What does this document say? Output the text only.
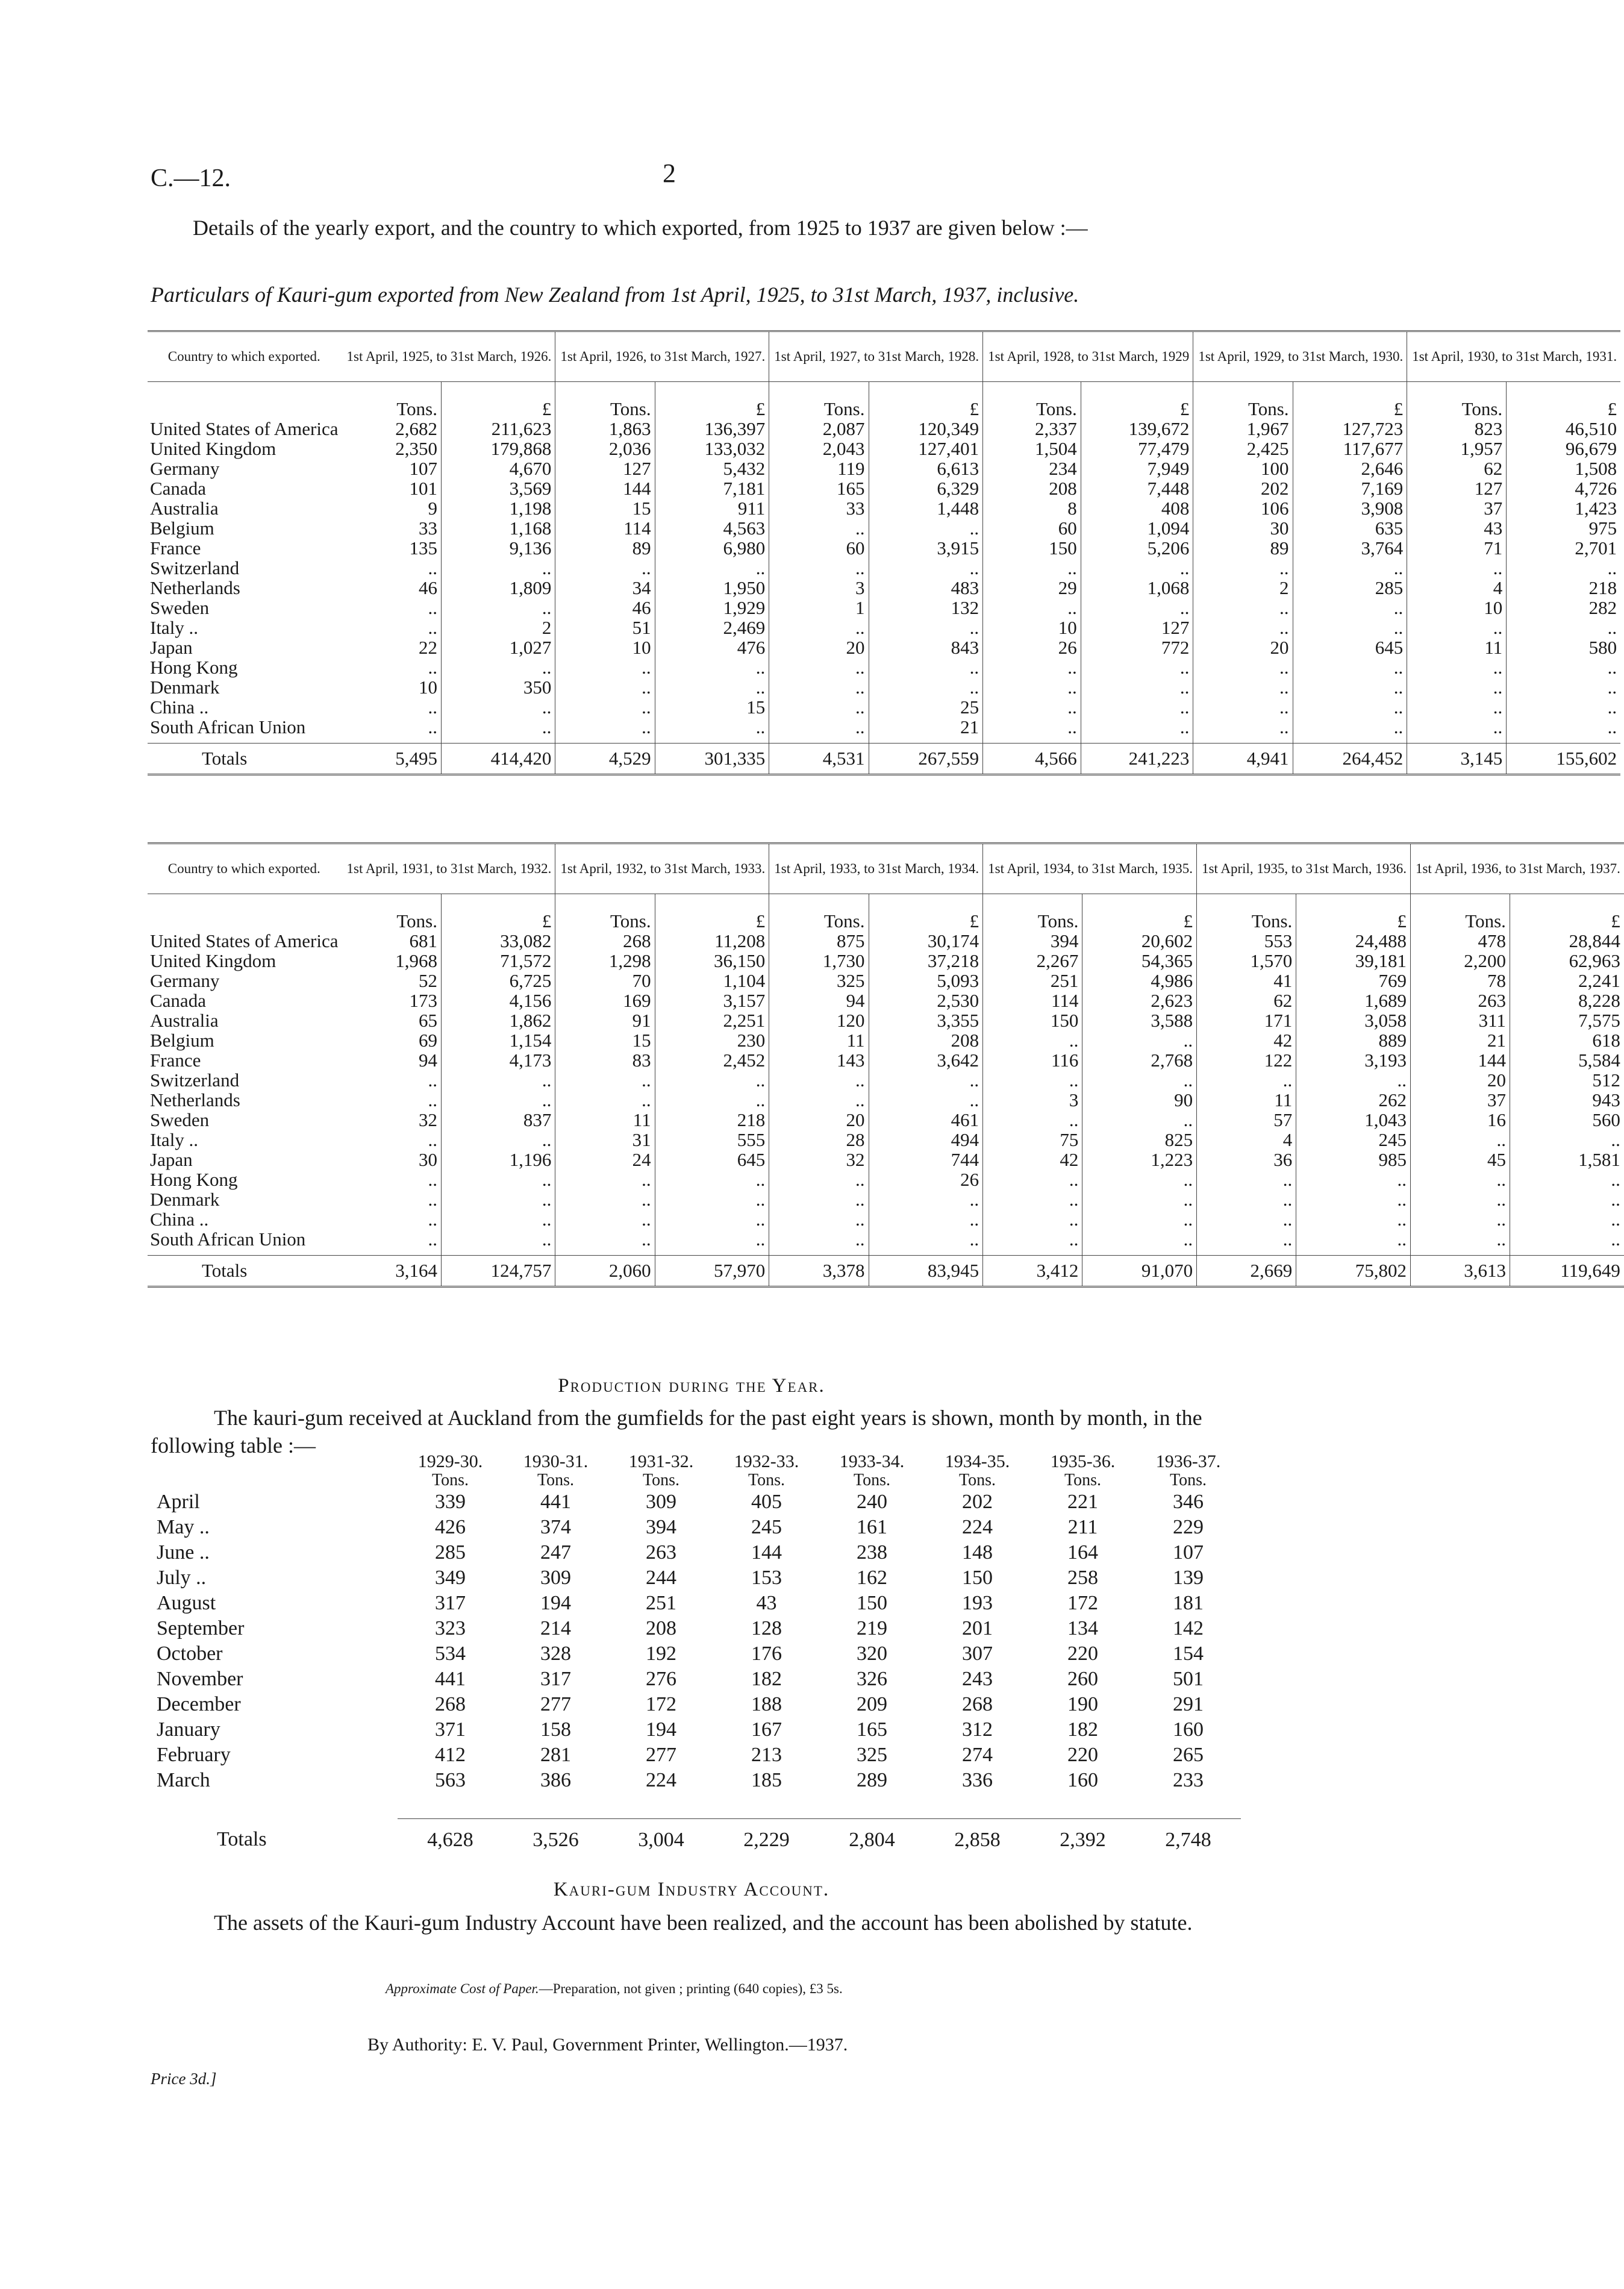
C.—12.	2
Details of the yearly export, and the country to which exported, from 1925 to 1937 are given below :—
Particulars of Kauri-gum exported from New Zealand from 1st April, 1925, to 31st March, 1937, inclusive.
Country to which exported.	1st April, 1925, to 31st March, 1926.		1st April, 1926, to 31st March, 1927.		1st April, 1927, to 31st March, 1928.		1st April, 1928, to 31st March, 1929		1st April, 1929, to 31st March, 1930.		1st April, 1930, to 31st March, 1931.	
	Tons.	£	Tons.	£	Tons.	£	Tons.	£	Tons.	£	Tons.	£
United States of America	2,682	211,623	1,863	136,397	2,087	120,349	2,337	139,672	1,967	127,723	823	46,510
United Kingdom	2,350	179,868	2,036	133,032	2,043	127,401	1,504	77,479	2,425	117,677	1,957	96,679
Germany	107	4,670	127	5,432	119	6,613	234	7,949	100	2,646	62	1,508
Canada	101	3,569	144	7,181	165	6,329	208	7,448	202	7,169	127	4,726
Australia	9	1,198	15	911	33	1,448	8	408	106	3,908	37	1,423
Belgium	33	1,168	114	4,563	..	..	60	1,094	30	635	43	975
France	135	9,136	89	6,980	60	3,915	150	5,206	89	3,764	71	2,701
Switzerland	..	..	..	..	..	..	..	..	..	..	..	..
Netherlands	46	1,809	34	1,950	3	483	29	1,068	2	285	4	218
Sweden	..	..	46	1,929	1	132	..	..	..	..	10	282
Italy ..	..	2	51	2,469	..	..	10	127	..	..	..	..
Japan	22	1,027	10	476	20	843	26	772	20	645	11	580
Hong Kong	..	..	..	..	..	..	..	..	..	..	..	..
Denmark	10	350	..	..	..	..	..	..	..	..	..	..
China ..	..	..	..	15	..	25	..	..	..	..	..	..
South African Union	..	..	..	..	..	21	..	..	..	..	..	..

Totals	5,495	414,420	4,529	301,335	4,531	267,559	4,566	241,223	4,941	264,452	3,145	155,602
Country to which exported.	1st April, 1931, to 31st March, 1932.		1st April, 1932, to 31st March, 1933.		1st April, 1933, to 31st March, 1934.		1st April, 1934, to 31st March, 1935.		1st April, 1935, to 31st March, 1936.		1st April, 1936, to 31st March, 1937.	
	Tons.	£	Tons.	£	Tons.	£	Tons.	£	Tons.	£	Tons.	£
United States of America	681	33,082	268	11,208	875	30,174	394	20,602	553	24,488	478	28,844
United Kingdom	1,968	71,572	1,298	36,150	1,730	37,218	2,267	54,365	1,570	39,181	2,200	62,963
Germany	52	6,725	70	1,104	325	5,093	251	4,986	41	769	78	2,241
Canada	173	4,156	169	3,157	94	2,530	114	2,623	62	1,689	263	8,228
Australia	65	1,862	91	2,251	120	3,355	150	3,588	171	3,058	311	7,575
Belgium	69	1,154	15	230	11	208	..	..	42	889	21	618
France	94	4,173	83	2,452	143	3,642	116	2,768	122	3,193	144	5,584
Switzerland	..	..	..	..	..	..	..	..	..	..	20	512
Netherlands	..	..	..	..	..	..	3	90	11	262	37	943
Sweden	32	837	11	218	20	461	..	..	57	1,043	16	560
Italy ..	..	..	31	555	28	494	75	825	4	245	..	..
Japan	30	1,196	24	645	32	744	42	1,223	36	985	45	1,581
Hong Kong	..	..	..	..	..	26	..	..	..	..	..	..
Denmark	..	..	..	..	..	..	..	..	..	..	..	..
China ..	..	..	..	..	..	..	..	..	..	..	..	..
South African Union	..	..	..	..	..	..	..	..	..	..	..	..

Totals	3,164	124,757	2,060	57,970	3,378	83,945	3,412	91,070	2,669	75,802	3,613	119,649
Production during the Year.
The kauri-gum received at Auckland from the gumfields for the past eight years is shown, month by month, in the following table :—
	1929-30.	1930-31.	1931-32.	1932-33.	1933-34.	1934-35.	1935-36.	1936-37.
	Tons.	Tons.	Tons.	Tons.	Tons.	Tons.	Tons.	Tons.
April	339	441	309	405	240	202	221	346
May ..	426	374	394	245	161	224	211	229
June ..	285	247	263	144	238	148	164	107
July ..	349	309	244	153	162	150	258	139
August	317	194	251	43	150	193	172	181
September	323	214	208	128	219	201	134	142
October	534	328	192	176	320	307	220	154
November	441	317	276	182	326	243	260	501
December	268	277	172	188	209	268	190	291
January	371	158	194	167	165	312	182	160
February	412	281	277	213	325	274	220	265
March	563	386	224	185	289	336	160	233

Totals	4,628	3,526	3,004	2,229	2,804	2,858	2,392	2,748
Kauri-gum Industry Account.
The assets of the Kauri-gum Industry Account have been realized, and the account has been abolished by statute.
Approximate Cost of Paper.—Preparation, not given ; printing (640 copies), £3 5s.
By Authority: E. V. Paul, Government Printer, Wellington.—1937.
Price 3d.]
